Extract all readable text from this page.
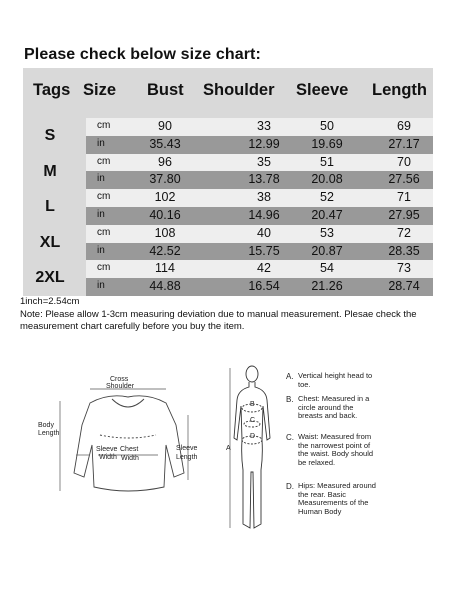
Please check below size chart:
Tags Size Bust Shoulder Sleeve Length
S
cm	90	33	50	69
in	35.43	12.99	19.69	27.17
M
cm	96	35	51	70
in	37.80	13.78	20.08	27.56
L
cm	102	38	52	71
in	40.16	14.96	20.47	27.95
XL
cm	108	40	53	72
in	42.52	15.75	20.87	28.35
2XL
cm	114	42	54	73
in	44.88	16.54	21.26	28.74
1inch=2.54cm
Note: Please allow 1-3cm measuring deviation due to manual measurement. Plesae check the measurement chart carefully before you buy the item.
Cross
Shoulder
Sleeve
Width
Chest
Width
Body
Length
Sleeve
Length
A
B
C
D
A. Vertical height head to toe.
B. Chest: Measured in a circle around the breasts and back.
C. Waist: Measured from the narrowest point of the waist. Body should be relaxed.
D. Hips: Measured around the rear. Basic Measurements of the Human Body
